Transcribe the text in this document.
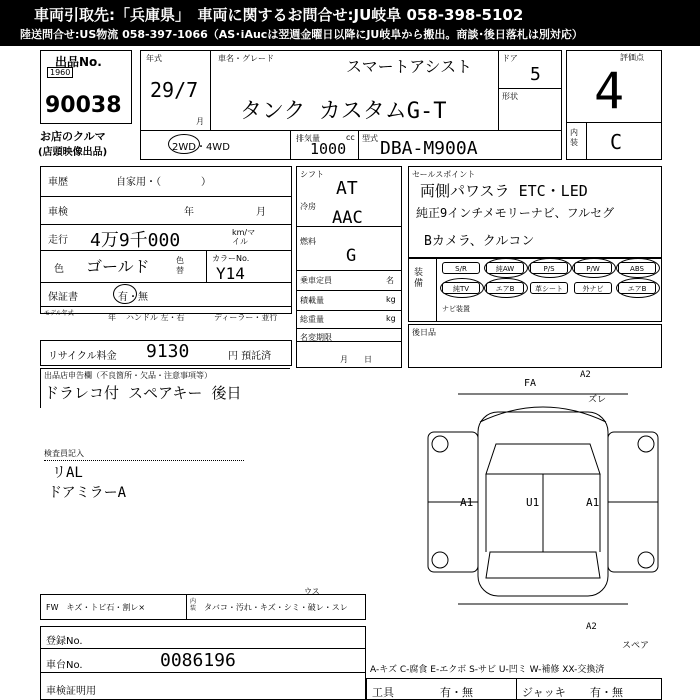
車両引取先:「兵庫県」　車両に関するお問合せ:JU岐阜 058-398-5102
陸送問合せ:US物流 058-397-1066（AS･iAucは翌週金曜日以降にJU岐阜から搬出。商談･後日落札は別対応）
出品No.
1960
90038
お店のクルマ
(店頭映像出品)
年式
29/7
月
車名・グレード	スマートアシスト
タンク カスタムG-T
ドア
5
形状
2WD・4WD
排気量
1000
cc 型式 DBA-M900A
評価点
4
内装 C
車歴	自家用・（　　　　）
車検	年	月
走行 4万9千000	km/マイル
色 ゴールド	色替
カラーNo.
Y14
保証書	有・無
モデル年式	年 ハンドル 左・右	ディーラー・並行
リサイクル料金 9130	円 預託済
シフト
AT
冷房
AAC
燃料
G
乗車定員	名
積載量	kg
総重量	kg
名変期限
月　　日
セールスポイント
両側パワスラ ETC・LED
純正9インチメモリーナビ、フルセグ
Bカメラ、クルコン
装備
S/R	純AW	P/S	P/W	ABS
純TV	エアB	革シート	外ナビ	エアB
ナビ装置
後日品
出品店申告欄（不良箇所・欠品・注意事項等）
ドラレコ付 スペアキー 後日
検査員記入
リAL
ドアミラーA
FA
A2
ズレ
A1	U1	A1
A2
スペア
FW　キズ・トビ石・割レ×
内装 タバコ・汚れ・キズ・シミ・破レ・スレ
ウス
登録No.
車台No.	0086196
車検証明用
A-キズ C-腐食 E-エクボ S-サビ U-凹ミ W-補修 XX-交換済
工具	有・無	ジャッキ 有・無
